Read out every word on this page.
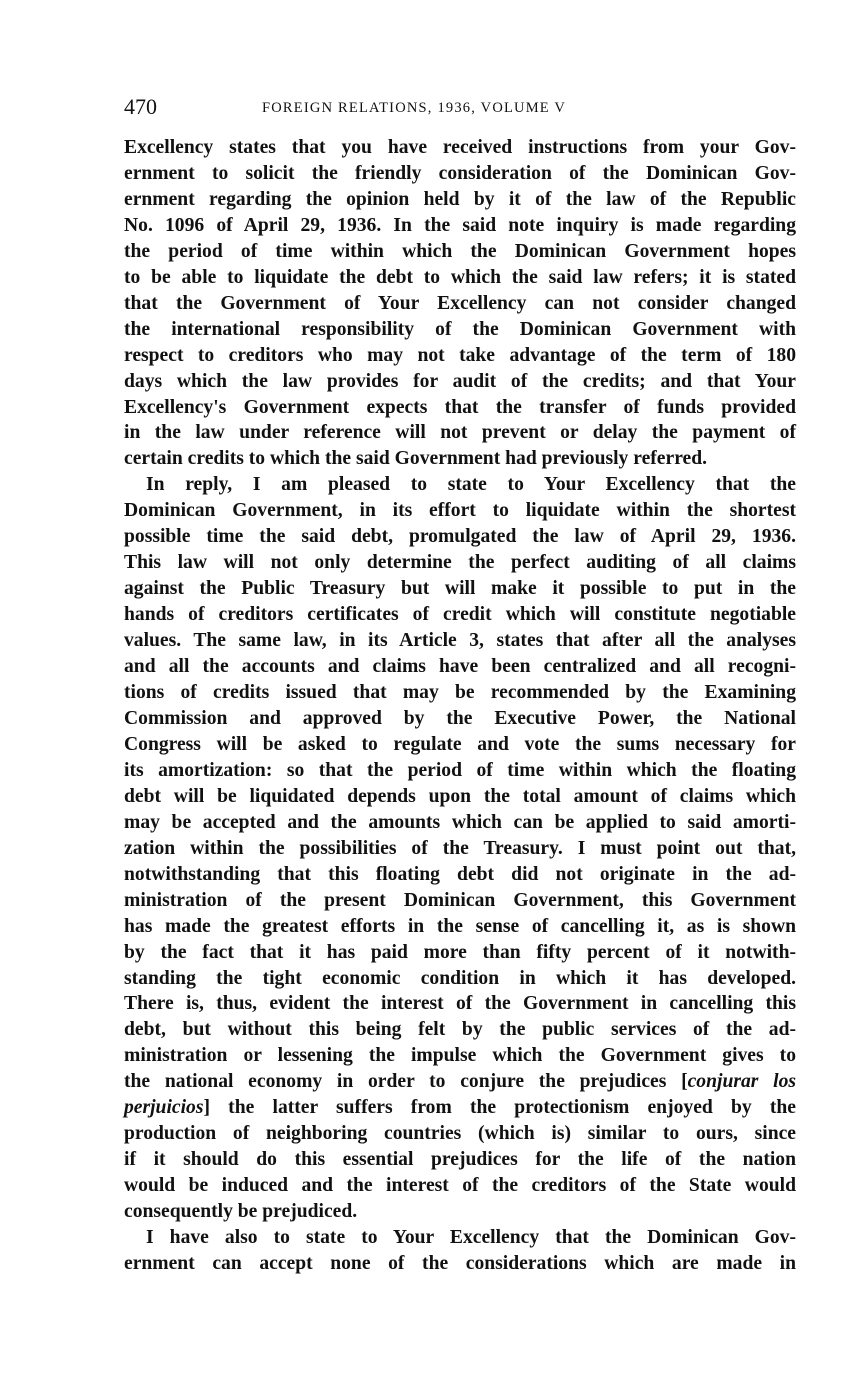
470	FOREIGN RELATIONS, 1936, VOLUME V

Excellency states that you have received instructions from your Gov-
ernment to solicit the friendly consideration of the Dominican Gov-
ernment regarding the opinion held by it of the law of the Republic
No. 1096 of April 29, 1936. In the said note inquiry is made regarding
the period of time within which the Dominican Government hopes
to be able to liquidate the debt to which the said law refers; it is stated
that the Government of Your Excellency can not consider changed
the international responsibility of the Dominican Government with
respect to creditors who may not take advantage of the term of 180
days which the law provides for audit of the credits; and that Your
Excellency's Government expects that the transfer of funds provided
in the law under reference will not prevent or delay the payment of
certain credits to which the said Government had previously referred.

In reply, I am pleased to state to Your Excellency that the
Dominican Government, in its effort to liquidate within the shortest
possible time the said debt, promulgated the law of April 29, 1936.
This law will not only determine the perfect auditing of all claims
against the Public Treasury but will make it possible to put in the
hands of creditors certificates of credit which will constitute negotiable
values. The same law, in its Article 3, states that after all the analyses
and all the accounts and claims have been centralized and all recogni-
tions of credits issued that may be recommended by the Examining
Commission and approved by the Executive Power, the National
Congress will be asked to regulate and vote the sums necessary for
its amortization: so that the period of time within which the floating
debt will be liquidated depends upon the total amount of claims which
may be accepted and the amounts which can be applied to said amorti-
zation within the possibilities of the Treasury. I must point out that,
notwithstanding that this floating debt did not originate in the ad-
ministration of the present Dominican Government, this Government
has made the greatest efforts in the sense of cancelling it, as is shown
by the fact that it has paid more than fifty percent of it notwith-
standing the tight economic condition in which it has developed.
There is, thus, evident the interest of the Government in cancelling this
debt, but without this being felt by the public services of the ad-
ministration or lessening the impulse which the Government gives to
the national economy in order to conjure the prejudices [conjurar los
perjuicios] the latter suffers from the protectionism enjoyed by the
production of neighboring countries (which is) similar to ours, since
if it should do this essential prejudices for the life of the nation
would be induced and the interest of the creditors of the State would
consequently be prejudiced.

I have also to state to Your Excellency that the Dominican Gov-
ernment can accept none of the considerations which are made in
